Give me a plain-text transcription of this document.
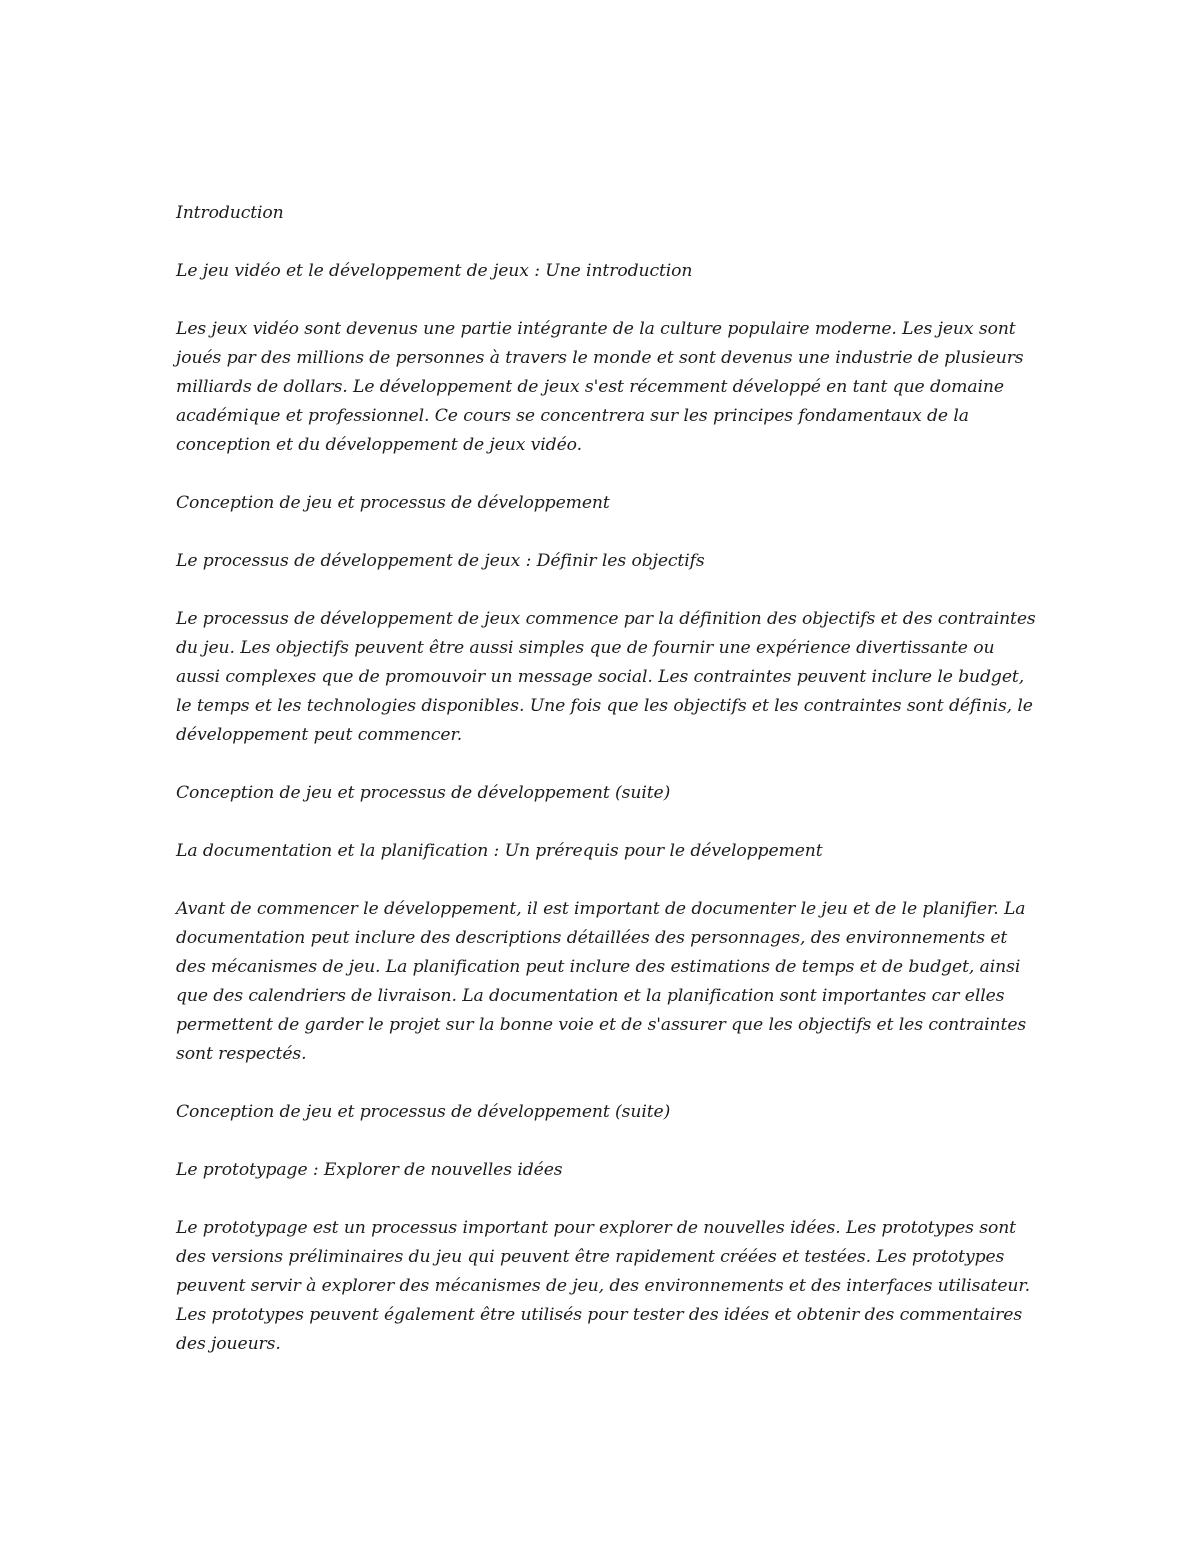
Introduction

Le jeu vidéo et le développement de jeux : Une introduction

Les jeux vidéo sont devenus une partie intégrante de la culture populaire moderne. Les jeux sont joués par des millions de personnes à travers le monde et sont devenus une industrie de plusieurs milliards de dollars. Le développement de jeux s'est récemment développé en tant que domaine académique et professionnel. Ce cours se concentrera sur les principes fondamentaux de la conception et du développement de jeux vidéo.

Conception de jeu et processus de développement

Le processus de développement de jeux : Définir les objectifs

Le processus de développement de jeux commence par la définition des objectifs et des contraintes du jeu. Les objectifs peuvent être aussi simples que de fournir une expérience divertissante ou aussi complexes que de promouvoir un message social. Les contraintes peuvent inclure le budget, le temps et les technologies disponibles. Une fois que les objectifs et les contraintes sont définis, le développement peut commencer.

Conception de jeu et processus de développement (suite)

La documentation et la planification : Un prérequis pour le développement

Avant de commencer le développement, il est important de documenter le jeu et de le planifier. La documentation peut inclure des descriptions détaillées des personnages, des environnements et des mécanismes de jeu. La planification peut inclure des estimations de temps et de budget, ainsi que des calendriers de livraison. La documentation et la planification sont importantes car elles permettent de garder le projet sur la bonne voie et de s'assurer que les objectifs et les contraintes sont respectés.

Conception de jeu et processus de développement (suite)

Le prototypage : Explorer de nouvelles idées

Le prototypage est un processus important pour explorer de nouvelles idées. Les prototypes sont des versions préliminaires du jeu qui peuvent être rapidement créées et testées. Les prototypes peuvent servir à explorer des mécanismes de jeu, des environnements et des interfaces utilisateur. Les prototypes peuvent également être utilisés pour tester des idées et obtenir des commentaires des joueurs.
